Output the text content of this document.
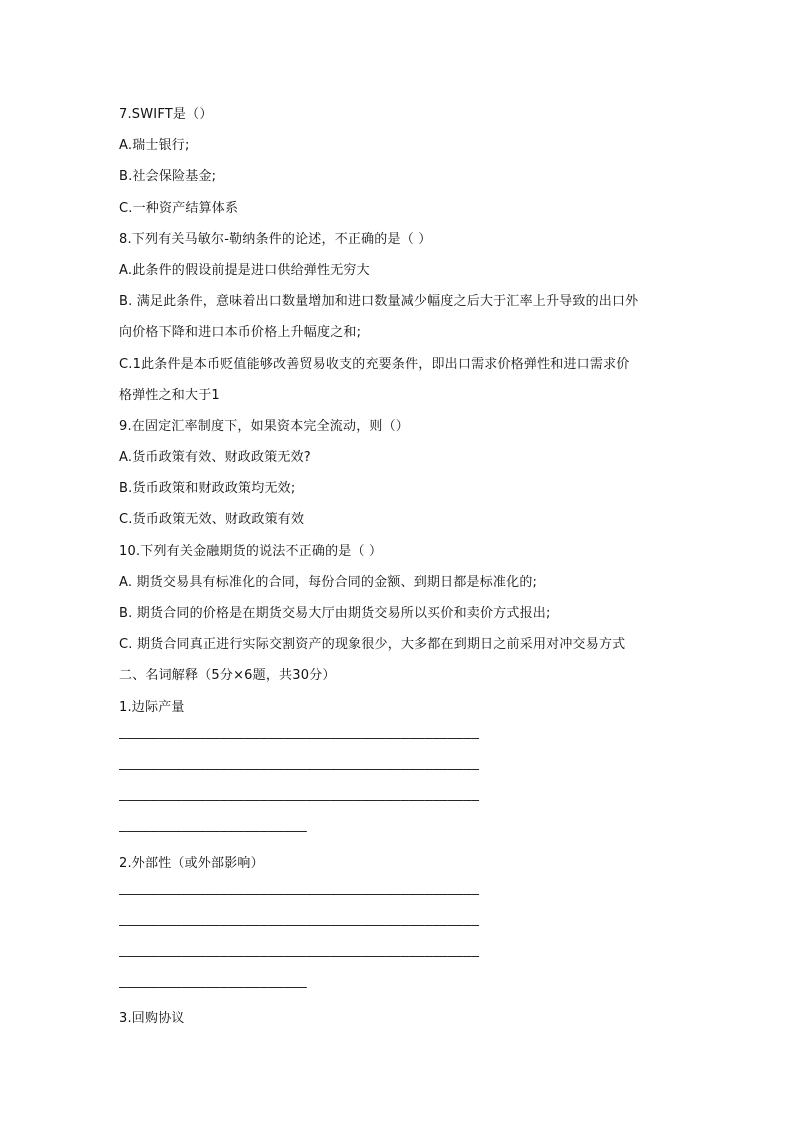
7.SWIFT是（）
A.瑞士银行;
B.社会保险基金;
C.一种资产结算体系
8.下列有关马敏尔-勒纳条件的论述，不正确的是（ ）
A.此条件的假设前提是进口供给弹性无穷大
B. 满足此条件，意味着出口数量增加和进口数量减少幅度之后大于汇率上升导致的出口外
向价格下降和进口本币价格上升幅度之和;
C.1此条件是本币贬值能够改善贸易收支的充要条件，即出口需求价格弹性和进口需求价
格弹性之和大于1
9.在固定汇率制度下，如果资本完全流动，则（）
A.货币政策有效、财政政策无效?
B.货币政策和财政政策均无效;
C.货币政策无效、财政政策有效
10.下列有关金融期货的说法不正确的是（ ）
A. 期货交易具有标准化的合同，每份合同的金额、到期日都是标准化的;
B. 期货合同的价格是在期货交易大厅由期货交易所以买价和卖价方式报出;
C. 期货合同真正进行实际交割资产的现象很少，大多都在到期日之前采用对冲交易方式
二、名词解释（5分×6题，共30分）
1.边际产量
——————————————————————————————————————————————
——————————————————————————————————————————————
——————————————————————————————————————————————
————————————————————————
2.外部性（或外部影响）
——————————————————————————————————————————————
——————————————————————————————————————————————
——————————————————————————————————————————————
————————————————————————
3.回购协议
